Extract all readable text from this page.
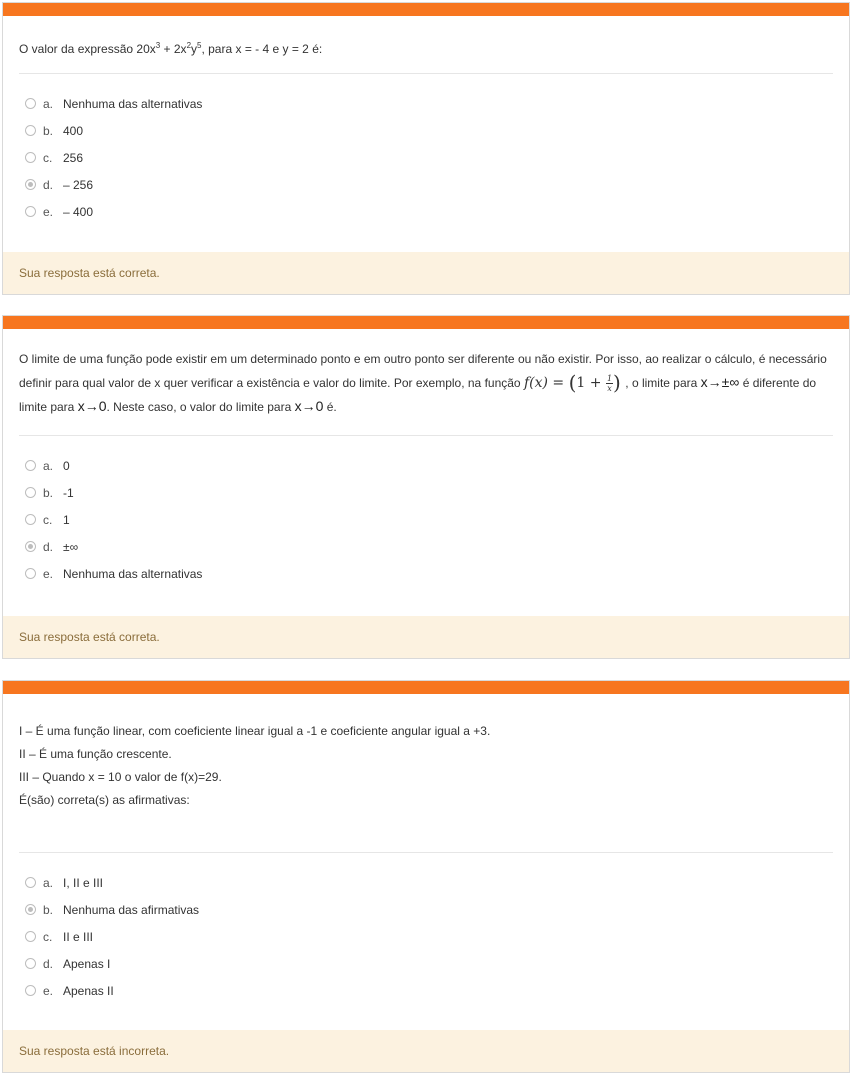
O valor da expressão $20x^3 + 2x^2y^5$, para x = - 4 e y = 2 é:
a. Nenhuma das alternativas
b. 400
c. 256
d. – 256
e. – 400
Sua resposta está correta.
O limite de uma função pode existir em um determinado ponto e em outro ponto ser diferente ou não existir. Por isso, ao realizar o cálculo, é necessário
definir para qual valor de x quer verificar a existência e valor do limite. Por exemplo, na função $f(x) = (1 + \frac{1}{x}$ ) , o limite para x→±∞ é diferente do
limite para x→0. Neste caso, o valor do limite para x→0 é.
a. 0
b. -1
c. 1
d. ±∞
e. Nenhuma das alternativas
Sua resposta está correta.
I – É uma função linear, com coeficiente linear igual a -1 e coeficiente angular igual a +3.
II – É uma função crescente.
III – Quando x = 10 o valor de f(x)=29.
É(são) correta(s) as afirmativas:
a. I, II e III
b. Nenhuma das afirmativas
c. II e III
d. Apenas I
e. Apenas II
Sua resposta está incorreta.
